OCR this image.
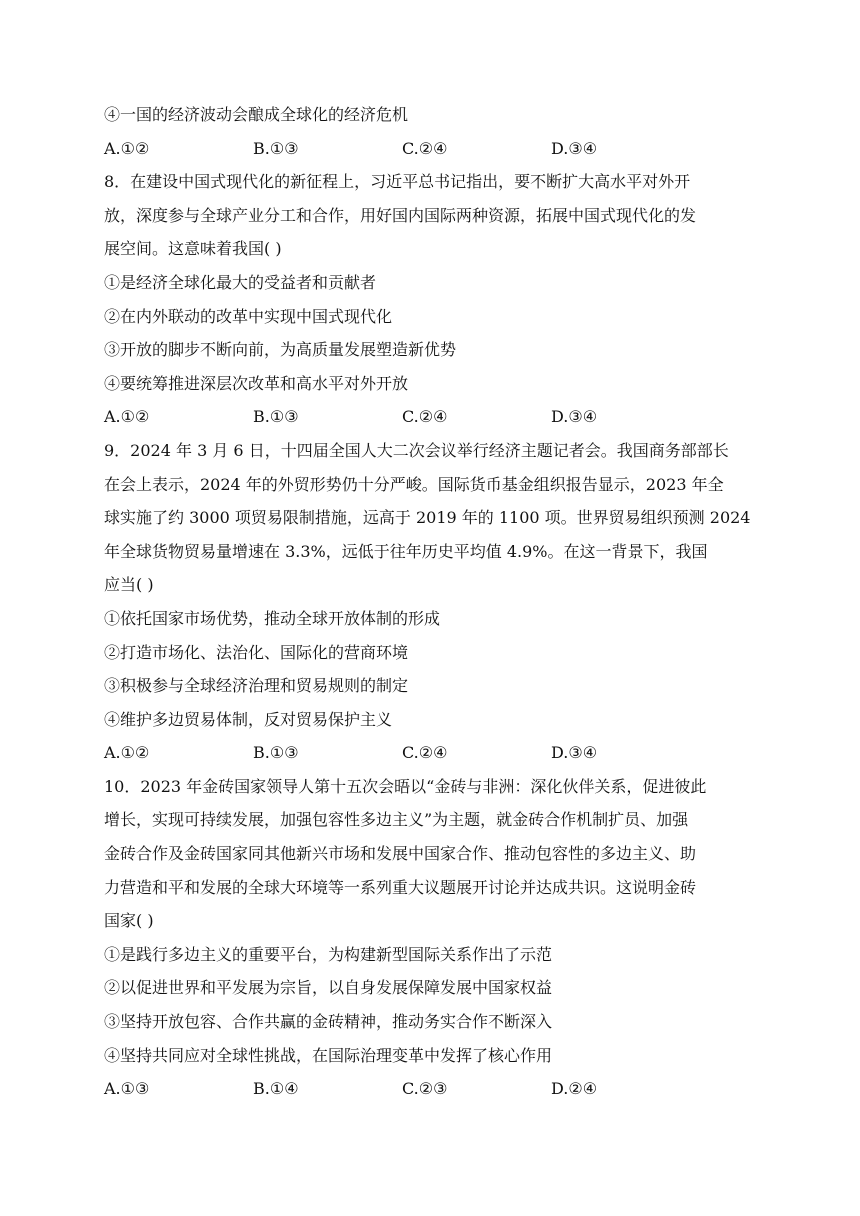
④一国的经济波动会酿成全球化的经济危机
A.①②	B.①③	C.②④	D.③④
8．在建设中国式现代化的新征程上，习近平总书记指出，要不断扩大高水平对外开
放，深度参与全球产业分工和合作，用好国内国际两种资源，拓展中国式现代化的发
展空间。这意味着我国( )
①是经济全球化最大的受益者和贡献者
②在内外联动的改革中实现中国式现代化
③开放的脚步不断向前，为高质量发展塑造新优势
④要统筹推进深层次改革和高水平对外开放
A.①②	B.①③	C.②④	D.③④
9．2024 年 3 月 6 日，十四届全国人大二次会议举行经济主题记者会。我国商务部部长
在会上表示，2024 年的外贸形势仍十分严峻。国际货币基金组织报告显示，2023 年全
球实施了约 3000 项贸易限制措施，远高于 2019 年的 1100 项。世界贸易组织预测 2024
年全球货物贸易量增速在 3.3%，远低于往年历史平均值 4.9%。在这一背景下，我国
应当( )
①依托国家市场优势，推动全球开放体制的形成
②打造市场化、法治化、国际化的营商环境
③积极参与全球经济治理和贸易规则的制定
④维护多边贸易体制，反对贸易保护主义
A.①②	B.①③	C.②④	D.③④
10．2023 年金砖国家领导人第十五次会晤以“金砖与非洲：深化伙伴关系，促进彼此
增长，实现可持续发展，加强包容性多边主义”为主题，就金砖合作机制扩员、加强
金砖合作及金砖国家同其他新兴市场和发展中国家合作、推动包容性的多边主义、助
力营造和平和发展的全球大环境等一系列重大议题展开讨论并达成共识。这说明金砖
国家( )
①是践行多边主义的重要平台，为构建新型国际关系作出了示范
②以促进世界和平发展为宗旨，以自身发展保障发展中国家权益
③坚持开放包容、合作共赢的金砖精神，推动务实合作不断深入
④坚持共同应对全球性挑战，在国际治理变革中发挥了核心作用
A.①③	B.①④	C.②③	D.②④
